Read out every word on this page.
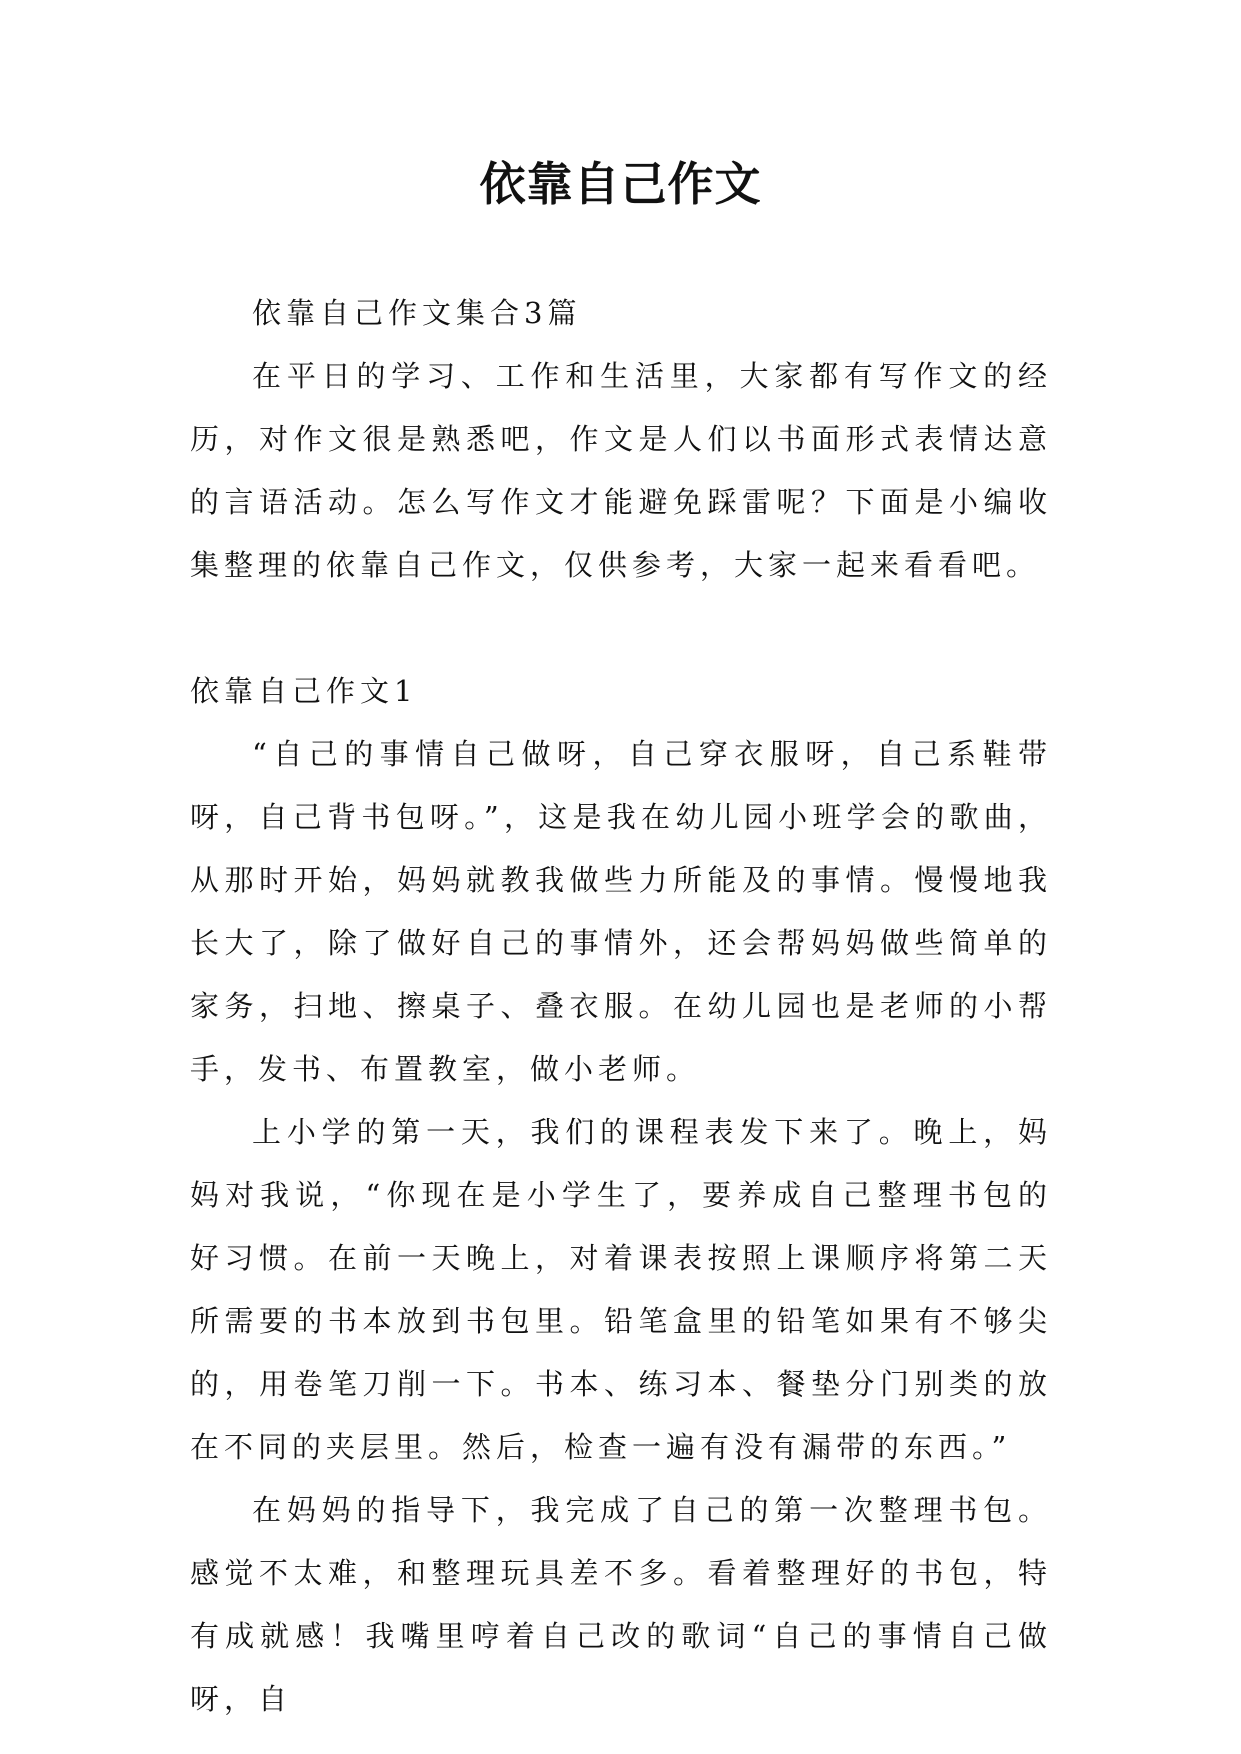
依靠自己作文

依靠自己作文集合3篇

在平日的学习、工作和生活里，大家都有写作文的经历，对作文很是熟悉吧，作文是人们以书面形式表情达意的言语活动。怎么写作文才能避免踩雷呢？下面是小编收集整理的依靠自己作文，仅供参考，大家一起来看看吧。

依靠自己作文1

“自己的事情自己做呀，自己穿衣服呀，自己系鞋带呀，自己背书包呀。”，这是我在幼儿园小班学会的歌曲，从那时开始，妈妈就教我做些力所能及的事情。慢慢地我长大了，除了做好自己的事情外，还会帮妈妈做些简单的家务，扫地、擦桌子、叠衣服。在幼儿园也是老师的小帮手，发书、布置教室，做小老师。

上小学的第一天，我们的课程表发下来了。晚上，妈妈对我说，“你现在是小学生了，要养成自己整理书包的好习惯。在前一天晚上，对着课表按照上课顺序将第二天所需要的书本放到书包里。铅笔盒里的铅笔如果有不够尖的，用卷笔刀削一下。书本、练习本、餐垫分门别类的放在不同的夹层里。然后，检查一遍有没有漏带的东西。”

在妈妈的指导下，我完成了自己的第一次整理书包。感觉不太难，和整理玩具差不多。看着整理好的书包，特有成就感！我嘴里哼着自己改的歌词“自己的事情自己做呀，自
